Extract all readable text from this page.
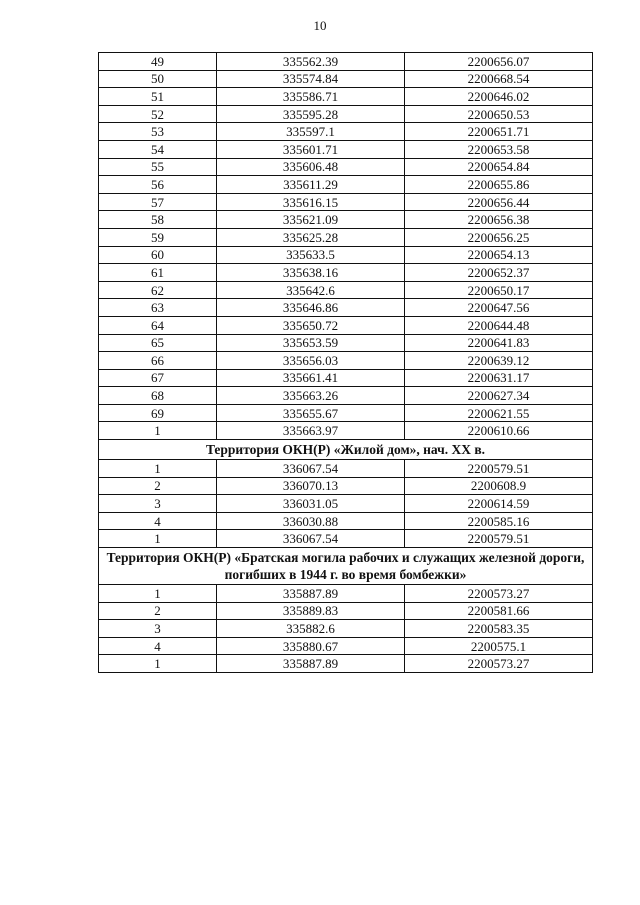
10
49	335562.39	2200656.07
50	335574.84	2200668.54
51	335586.71	2200646.02
52	335595.28	2200650.53
53	335597.1	2200651.71
54	335601.71	2200653.58
55	335606.48	2200654.84
56	335611.29	2200655.86
57	335616.15	2200656.44
58	335621.09	2200656.38
59	335625.28	2200656.25
60	335633.5	2200654.13
61	335638.16	2200652.37
62	335642.6	2200650.17
63	335646.86	2200647.56
64	335650.72	2200644.48
65	335653.59	2200641.83
66	335656.03	2200639.12
67	335661.41	2200631.17
68	335663.26	2200627.34
69	335655.67	2200621.55
1	335663.97	2200610.66
Территория ОКН(Р) «Жилой дом», нач. XX в.		
1	336067.54	2200579.51
2	336070.13	2200608.9
3	336031.05	2200614.59
4	336030.88	2200585.16
1	336067.54	2200579.51
Территория ОКН(Р) «Братская могила рабочих и служащих железной дороги, погибших в 1944 г. во время бомбежки»		
1	335887.89	2200573.27
2	335889.83	2200581.66
3	335882.6	2200583.35
4	335880.67	2200575.1
1	335887.89	2200573.27
